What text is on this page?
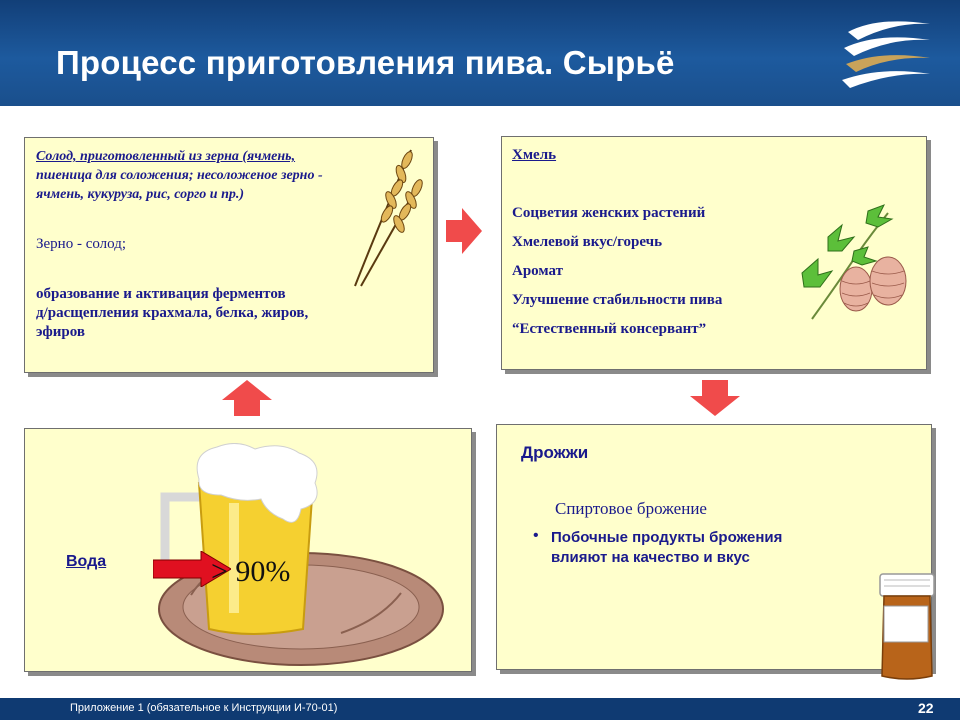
Процесс приготовления пива. Сырьё
Солод, приготовленный из зерна (ячмень,
пшеница для соложения; несоложеное зерно -
ячмень, кукуруза, рис, сорго и пр.)
Зерно - солод;
образование и активация ферментов
д/расщепления крахмала, белка, жиров,
эфиров
Хмель
Соцветия женских растений
Хмелевой вкус/горечь
Аромат
Улучшение стабильности пива
“Естественный консервант”
Вода	> 90%
Дрожжи
Спиртовое брожение
• Побочные продукты брожения
влияют на качество и вкус
Приложение 1 (обязательное к Инструкции И-70-01)	22
